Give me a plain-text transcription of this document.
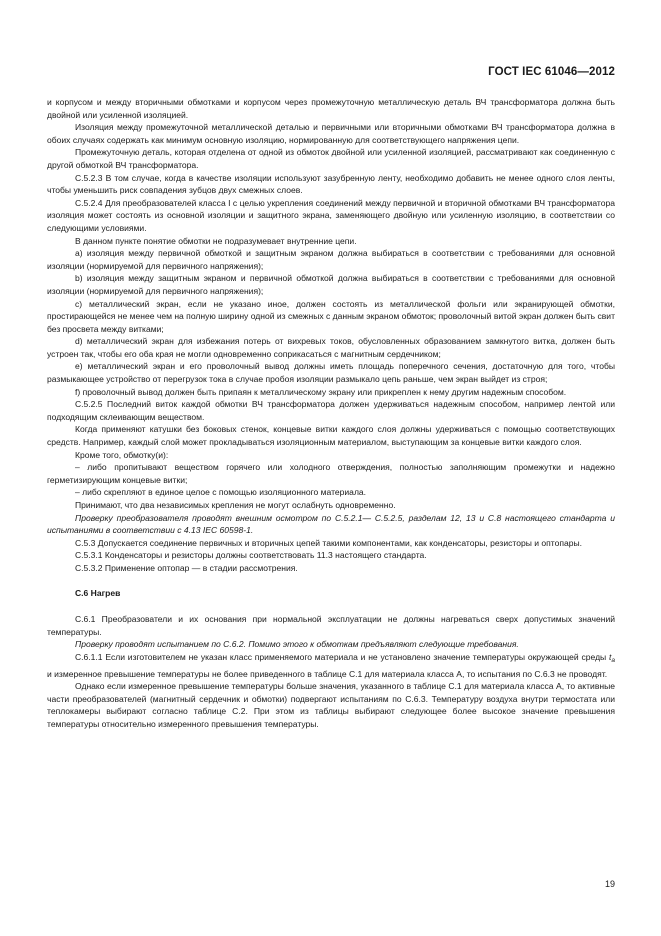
ГОСТ IEC 61046—2012

и корпусом и между вторичными обмотками и корпусом через промежуточную металлическую деталь ВЧ трансформатора должна быть двойной или усиленной изоляцией.

Изоляция между промежуточной металлической деталью и первичными или вторичными обмотками ВЧ трансформатора должна в обоих случаях содержать как минимум основную изоляцию, нормированную для соответствующего напряжения цепи.

Промежуточную деталь, которая отделена от одной из обмоток двойной или усиленной изоляцией, рассматривают как соединенную с другой обмоткой ВЧ трансформатора.

С.5.2.3 В том случае, когда в качестве изоляции используют зазубренную ленту, необходимо добавить не менее одного слоя ленты, чтобы уменьшить риск совпадения зубцов двух смежных слоев.

С.5.2.4 Для преобразователей класса I с целью укрепления соединений между первичной и вторичной обмотками ВЧ трансформатора изоляция может состоять из основной изоляции и защитного экрана, заменяющего двойную или усиленную изоляцию, в соответствии со следующими условиями.

В данном пункте понятие обмотки не подразумевает внутренние цепи.

a) изоляция между первичной обмоткой и защитным экраном должна выбираться в соответствии с требованиями для основной изоляции (нормируемой для первичного напряжения);

b) изоляция между защитным экраном и первичной обмоткой должна выбираться в соответствии с требованиями для основной изоляции (нормируемой для первичного напряжения);

c) металлический экран, если не указано иное, должен состоять из металлической фольги или экранирующей обмотки, простирающейся не менее чем на полную ширину одной из смежных с данным экраном обмоток; проволочный витой экран должен быть свит без просвета между витками;

d) металлический экран для избежания потерь от вихревых токов, обусловленных образованием замкнутого витка, должен быть устроен так, чтобы его оба края не могли одновременно соприкасаться с магнитным сердечником;

e) металлический экран и его проволочный вывод должны иметь площадь поперечного сечения, достаточную для того, чтобы размыкающее устройство от перегрузок тока в случае пробоя изоляции размыкало цепь раньше, чем экран выйдет из строя;

f) проволочный вывод должен быть припаян к металлическому экрану или прикреплен к нему другим надежным способом.

С.5.2.5 Последний виток каждой обмотки ВЧ трансформатора должен удерживаться надежным способом, например лентой или подходящим склеивающим веществом.

Когда применяют катушки без боковых стенок, концевые витки каждого слоя должны удерживаться с помощью соответствующих средств. Например, каждый слой может прокладываться изоляционным материалом, выступающим за концевые витки каждого слоя.

Кроме того, обмотку(и):

– либо пропитывают веществом горячего или холодного отверждения, полностью заполняющим промежутки и надежно герметизирующим концевые витки;

– либо скрепляют в единое целое с помощью изоляционного материала.

Принимают, что два независимых крепления не могут ослабнуть одновременно.

Проверку преобразователя проводят внешним осмотром по С.5.2.1— С.5.2.5, разделам 12, 13 и С.8 настоящего стандарта и испытаниями в соответствии с 4.13 IEC 60598-1.

С.5.3 Допускается соединение первичных и вторичных цепей такими компонентами, как конденсаторы, резисторы и оптопары.

С.5.3.1 Конденсаторы и резисторы должны соответствовать 11.3 настоящего стандарта.

С.5.3.2 Применение оптопар — в стадии рассмотрения.

С.6 Нагрев

С.6.1 Преобразователи и их основания при нормальной эксплуатации не должны нагреваться сверх допустимых значений температуры.

Проверку проводят испытанием по С.6.2. Помимо этого к обмоткам предъявляют следующие требования.

С.6.1.1 Если изготовителем не указан класс применяемого материала и не установлено значение температуры окружающей среды $t_a$ и измеренное превышение температуры не более приведенного в таблице С.1 для материала класса А, то испытания по С.6.3 не проводят.

Однако если измеренное превышение температуры больше значения, указанного в таблице С.1 для материала класса А, то активные части преобразователей (магнитный сердечник и обмотки) подвергают испытаниям по С.6.3. Температуру воздуха внутри термостата или теплокамеры выбирают согласно таблице С.2. При этом из таблицы выбирают следующее более высокое значение превышения температуры относительно измеренного превышения температуры.

19
